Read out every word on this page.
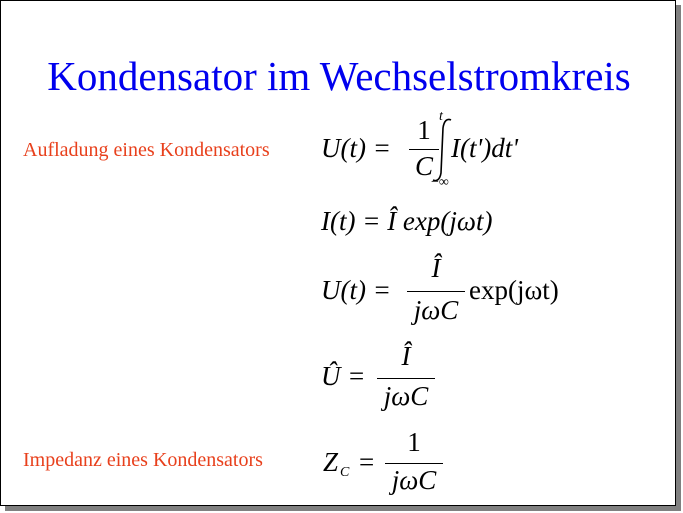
Kondensator im Wechselstromkreis
Aufladung eines Kondensators
Impedanz eines Kondensators
U(t) =
1
C
t
−∞
I(t')dt'
I(t) = Î exp(jωt)
U(t) =
Î
jωC
exp(jωt)
Û =
Î
jωC
Z C =
1
jωC
